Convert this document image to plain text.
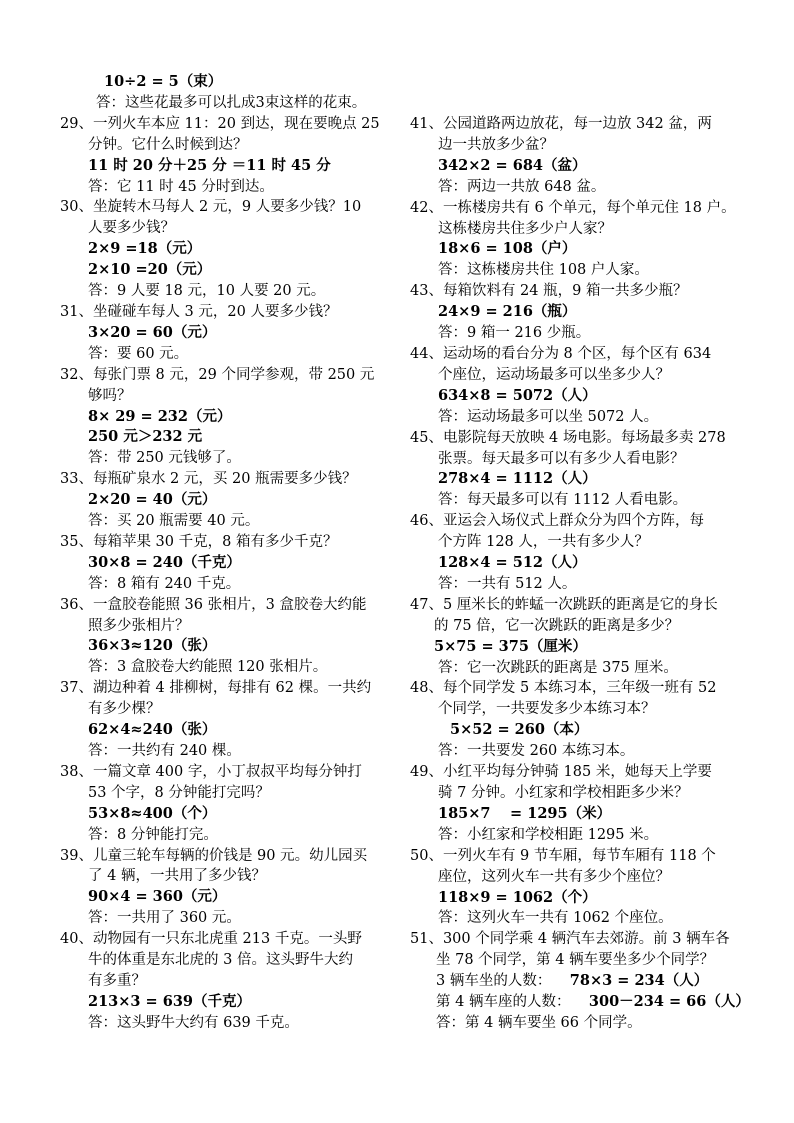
10÷2 = 5（束）
答：这些花最多可以扎成3束这样的花束。
29、一列火车本应 11：20 到达，现在要晚点 25
分钟。它什么时候到达？
11 时 20 分＋25 分 ＝11 时 45 分
答：它 11 时 45 分时到达。
30、坐旋转木马每人 2 元，9 人要多少钱？10
人要多少钱？
2×9 =18（元）
2×10 =20（元）
答：9 人要 18 元，10 人要 20 元。
31、坐碰碰车每人 3 元，20 人要多少钱？
3×20 = 60（元）
答：要 60 元。
32、每张门票 8 元，29 个同学参观，带 250 元
够吗？
8× 29 = 232（元）
250 元＞232 元
答：带 250 元钱够了。
33、每瓶矿泉水 2 元，买 20 瓶需要多少钱？
2×20 = 40（元）
答：买 20 瓶需要 40 元。
35、每箱苹果 30 千克，8 箱有多少千克？
30×8 = 240（千克）
答：8 箱有 240 千克。
36、一盒胶卷能照 36 张相片，3 盒胶卷大约能
照多少张相片？
36×3≈120（张）
答：3 盒胶卷大约能照 120 张相片。
37、湖边种着 4 排柳树，每排有 62 棵。一共约
有多少棵？
62×4≈240（张）
答：一共约有 240 棵。
38、一篇文章 400 字，小丁叔叔平均每分钟打
53 个字，8 分钟能打完吗？
53×8≈400（个）
答：8 分钟能打完。
39、儿童三轮车每辆的价钱是 90 元。幼儿园买
了 4 辆，一共用了多少钱？
90×4 = 360（元）
答：一共用了 360 元。
40、动物园有一只东北虎重 213 千克。一头野
牛的体重是东北虎的 3 倍。这头野牛大约
有多重？
213×3 = 639（千克）
答：这头野牛大约有 639 千克。
41、公园道路两边放花，每一边放 342 盆，两
边一共放多少盆？
342×2 = 684（盆）
答：两边一共放 648 盆。
42、一栋楼房共有 6 个单元，每个单元住 18 户。
这栋楼房共住多少户人家？
18×6 = 108（户）
答：这栋楼房共住 108 户人家。
43、每箱饮料有 24 瓶，9 箱一共多少瓶？
24×9 = 216（瓶）
答：9 箱一 216 少瓶。
44、运动场的看台分为 8 个区，每个区有 634
个座位，运动场最多可以坐多少人？
634×8 = 5072（人）
答：运动场最多可以坐 5072 人。
45、电影院每天放映 4 场电影。每场最多卖 278
张票。每天最多可以有多少人看电影？
278×4 = 1112（人）
答：每天最多可以有 1112 人看电影。
46、亚运会入场仪式上群众分为四个方阵，每
个方阵 128 人，一共有多少人？
128×4 = 512（人）
答：一共有 512 人。
47、5 厘米长的蚱蜢一次跳跃的距离是它的身长
的 75 倍，它一次跳跃的距离是多少？
5×75 = 375（厘米）
答：它一次跳跃的距离是 375 厘米。
48、每个同学发 5 本练习本，三年级一班有 52
个同学，一共要发多少本练习本？
5×52 = 260（本）
答：一共要发 260 本练习本。
49、小红平均每分钟骑 185 米，她每天上学要
骑 7 分钟。小红家和学校相距多少米？
185×7 　= 1295（米）
答：小红家和学校相距 1295 米。
50、一列火车有 9 节车厢，每节车厢有 118 个
座位，这列火车一共有多少个座位？
118×9 = 1062（个）
答：这列火车一共有 1062 个座位。
51、300 个同学乘 4 辆汽车去郊游。前 3 辆车各
坐 78 个同学，第 4 辆车要坐多少个同学？
3 辆车坐的人数： 78×3 = 234（人）
第 4 辆车座的人数： 300－234 = 66（人）
答：第 4 辆车要坐 66 个同学。
